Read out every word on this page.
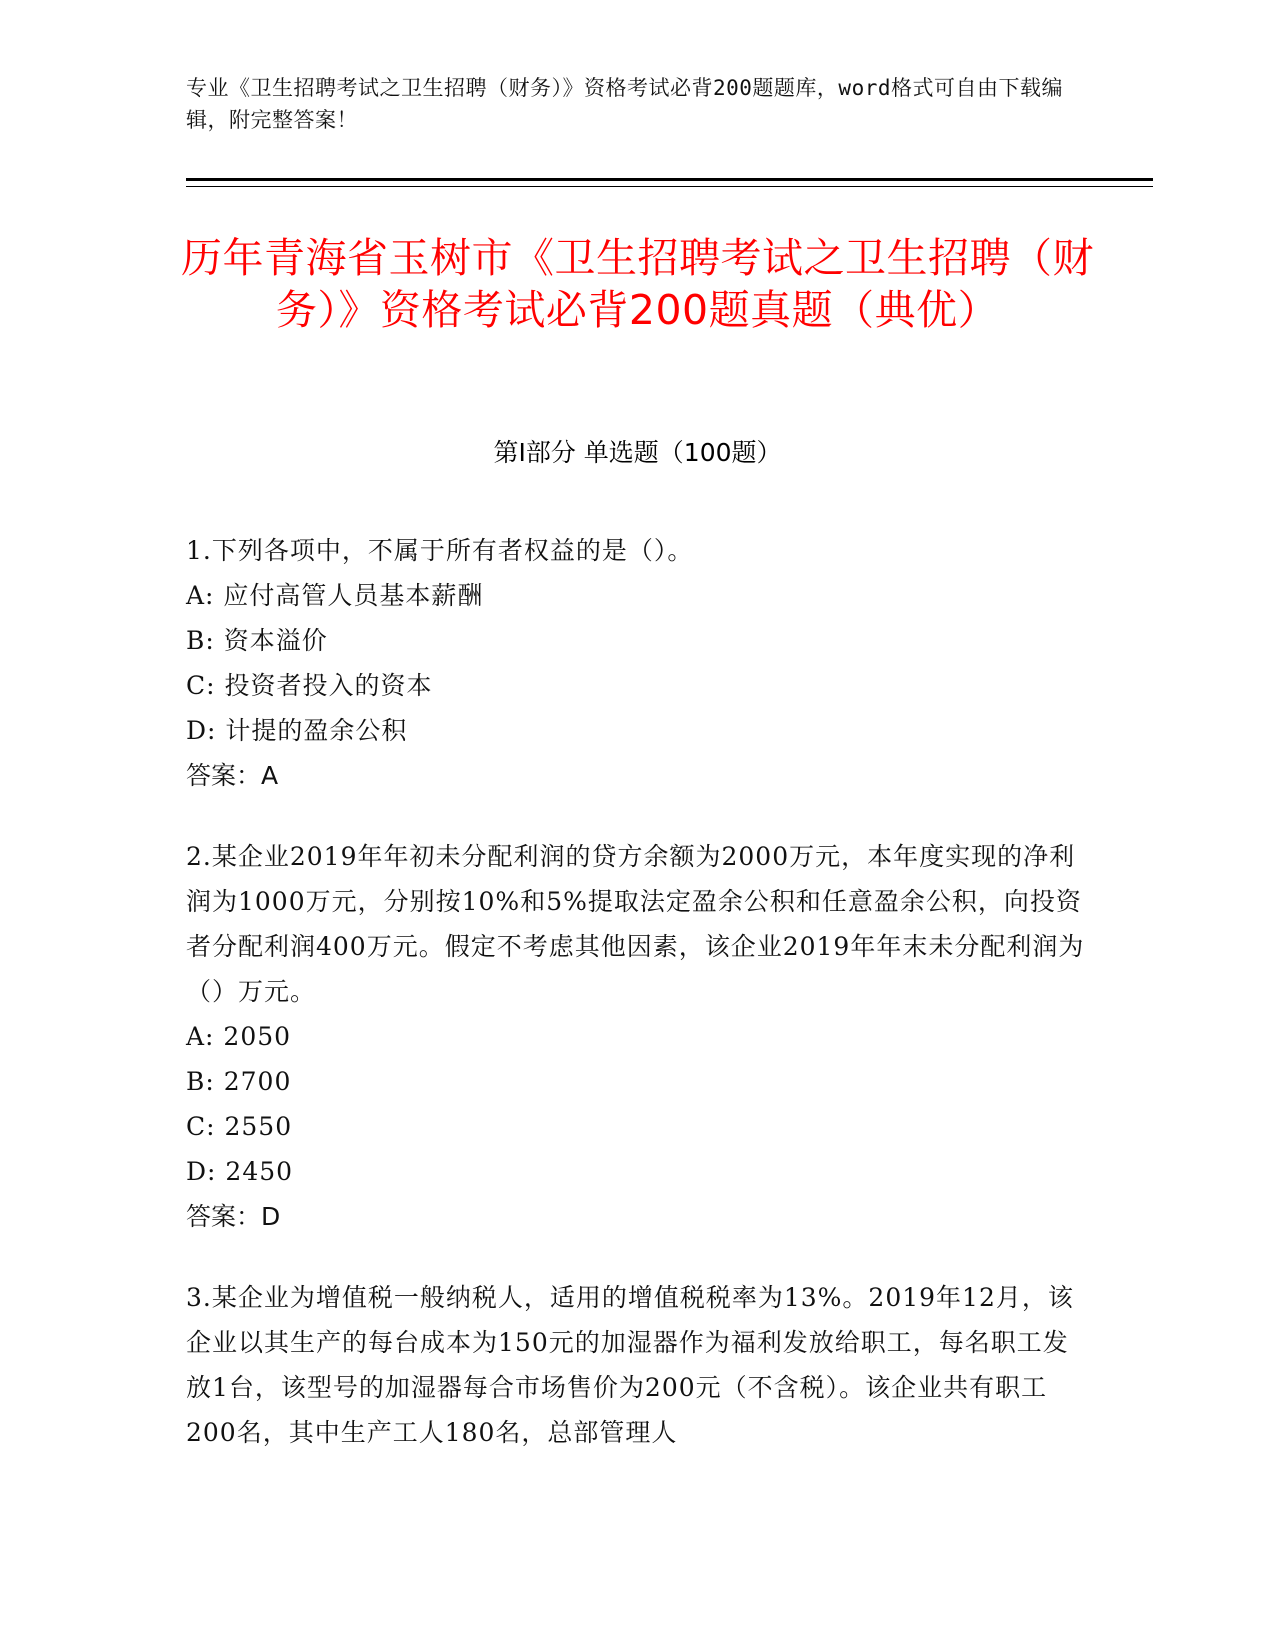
专业《卫生招聘考试之卫生招聘（财务）》资格考试必背200题题库，word格式可自由下载编辑，附完整答案！
历年青海省玉树市《卫生招聘考试之卫生招聘（财务）》资格考试必背200题真题（典优）
第I部分 单选题（100题）
1.下列各项中，不属于所有者权益的是（）。
A: 应付高管人员基本薪酬
B: 资本溢价
C: 投资者投入的资本
D: 计提的盈余公积
答案：A
2.某企业2019年年初未分配利润的贷方余额为2000万元，本年度实现的净利润为1000万元，分别按10%和5%提取法定盈余公积和任意盈余公积，向投资者分配利润400万元。假定不考虑其他因素，该企业2019年年末未分配利润为（）万元。
A: 2050
B: 2700
C: 2550
D: 2450
答案：D
3.某企业为增值税一般纳税人，适用的增值税税率为13%。2019年12月，该企业以其生产的每台成本为150元的加湿器作为福利发放给职工，每名职工发放1台，该型号的加湿器每合市场售价为200元（不含税）。该企业共有职工200名，其中生产工人180名，总部管理人
